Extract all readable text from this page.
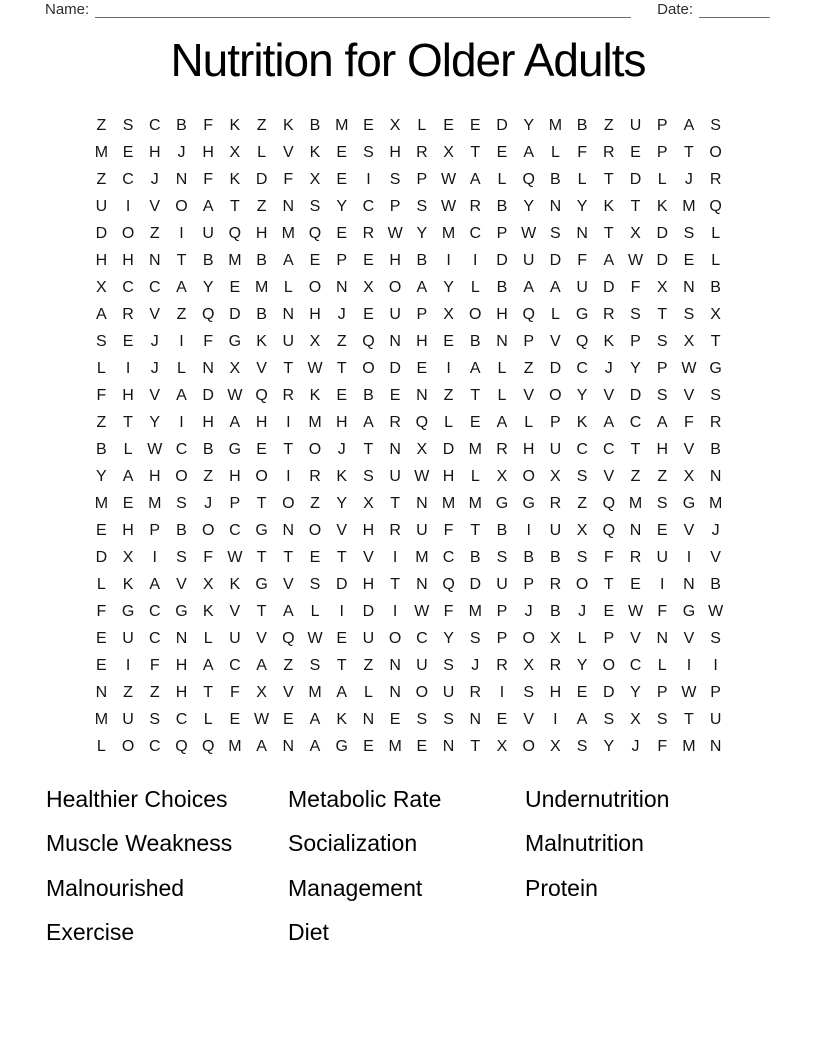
Name:	Date:
Nutrition for Older Adults
Z	S C B	F	K	Z	K	B M E	X	L	E	E D Y M B	Z	U P	A	S
M E H	J	H X	L	V	K	E	S H R X	T	E	A	L	F	R E	P	T O
Z	C	J	N	F	K D	F	X	E	I	S	P W A	L	Q B	L	T	D	L	J	R
U	I	V O A	T	Z	N S	Y C P	S W R B	Y N Y	K	T	K M Q
D O Z	I	U Q H M Q E R W Y M C P W S N	T	X D S	L
H H N	T	B M B	A	E	P	E H B	I	I	D U D	F	A W D E	L
X C C A	Y	E M L	O N X O A	Y	L	B	A	A U D	F	X N B
A R V	Z Q D B N H	J	E U P	X O H Q	L	G R S	T	S	X
S	E	J	I	F G K U X	Z Q N H E	B N P	V Q K	P	S	X	T
L	I	J	L	N X	V	T W T O D E	I	A	L	Z	D C	J	Y	P W G
F	H V	A D W Q R K	E	B	E N	Z	T	L	V O Y	V D S	V	S
Z	T	Y	I	H A H	I	M H A R Q	L	E	A	L	P	K	A C A	F	R
B	L W C B G E	T O	J	T	N X D M R H U C C	T	H V	B
Y	A H O Z	H O	I	R K	S U W H	L	X O X	S	V	Z	Z	X N
M E M S	J	P	T O Z	Y	X	T	N M M G G R	Z Q M S G M
E H P	B O C G N O V H R U	F	T	B	I	U X Q N E	V	J
D X	I	S	F W T	T	E	T	V	I	M C B	S	B	B	S	F	R U	I	V
L	K	A	V	X	K G V	S D H	T	N Q D U P R O T	E	I	N B
F G C G K	V	T	A	L	I	D	I	W F M P	J	B	J	E W F G W
E U C N	L	U V Q W E U O C Y	S	P O X	L	P	V N V	S
E	I	F	H A C A	Z	S	T	Z	N U S	J	R X R Y O C	L	I	I
N	Z	Z	H	T	F	X	V M A	L	N O U R	I	S H E D Y	P W P
M U S C	L	E W E	A	K N E	S	S N E	V	I	A	S	X	S	T	U
L	O C Q Q M A N A G E M E N	T	X O X	S	Y	J	F M N
Healthier Choices
Muscle Weakness
Malnourished
Exercise
Metabolic Rate
Socialization
Management
Diet
Undernutrition
Malnutrition
Protein
